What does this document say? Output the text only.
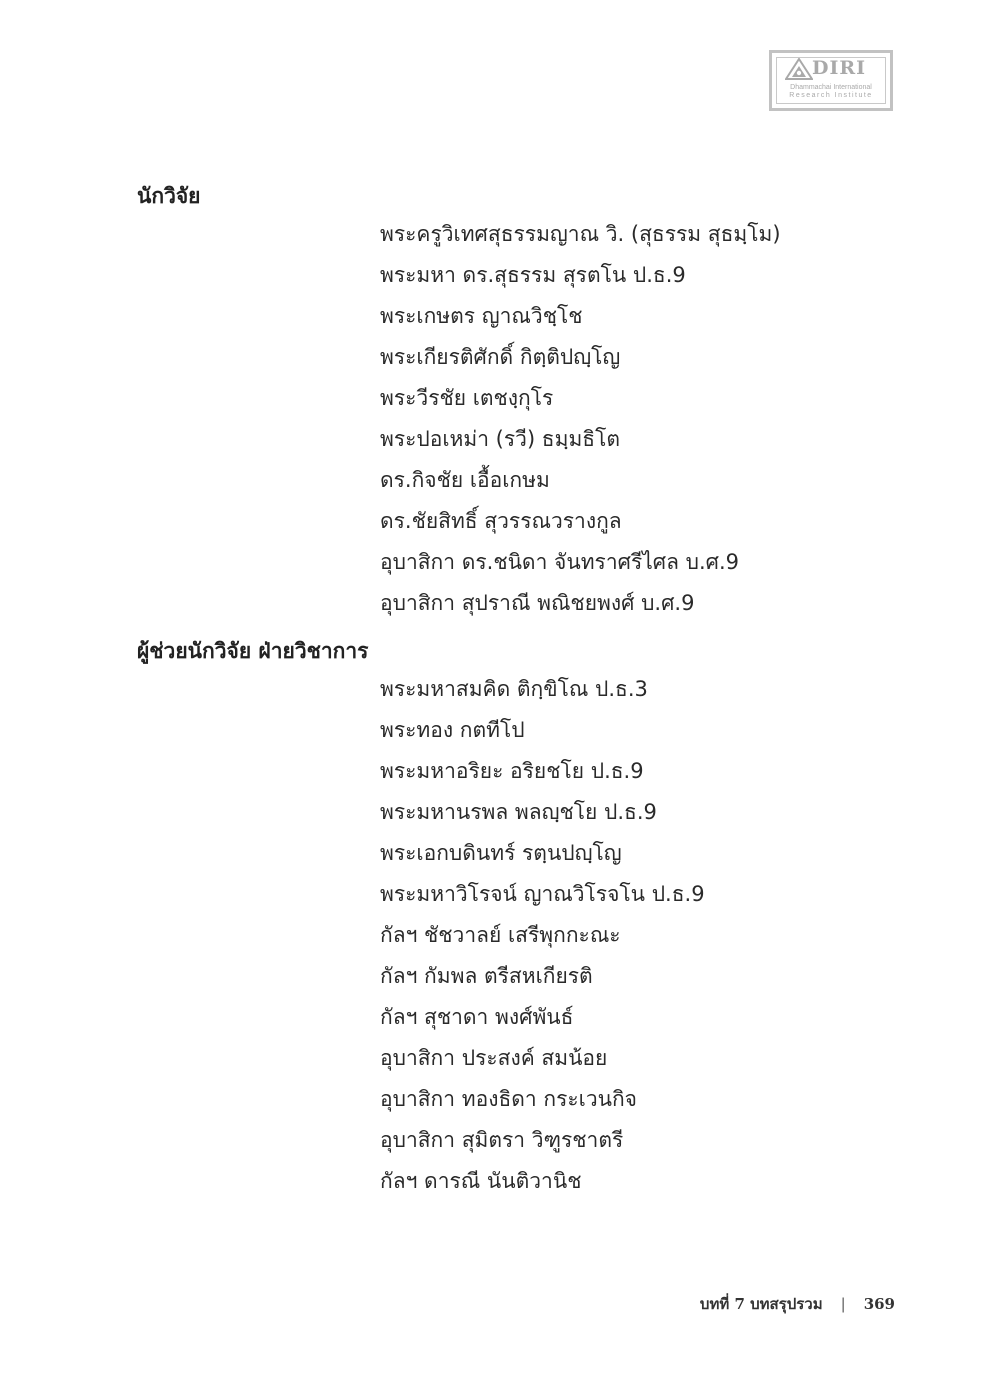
DIRI
Dhammachai International
Research Institute
นักวิจัย
พระครูวิเทศสุธรรมญาณ วิ. (สุธรรม สุธมฺโม)
พระมหา ดร.สุธรรม สุรตโน ป.ธ.9
พระเกษตร ญาณวิชฺโช
พระเกียรติศักดิ์ กิตฺติปญฺโญ
พระวีรชัย เตชงฺกุโร
พระปอเหม่า (รวี) ธมฺมธิโต
ดร.กิจชัย เอื้อเกษม
ดร.ชัยสิทธิ์ สุวรรณวรางกูล
อุบาสิกา ดร.ชนิดา จันทราศรีไศล บ.ศ.9
อุบาสิกา สุปราณี พณิชยพงศ์ บ.ศ.9
ผู้ช่วยนักวิจัย ฝ่ายวิชาการ
พระมหาสมคิด ติกฺขิโณ ป.ธ.3
พระทอง กตทีโป
พระมหาอริยะ อริยชโย ป.ธ.9
พระมหานรพล พลญฺชโย ป.ธ.9
พระเอกบดินทร์ รตฺนปญฺโญ
พระมหาวิโรจน์ ญาณวิโรจโน ป.ธ.9
กัลฯ ชัชวาลย์ เสรีพุกกะณะ
กัลฯ กัมพล ตรีสหเกียรติ
กัลฯ สุชาดา พงศ์พันธ์
อุบาสิกา ประสงค์ สมน้อย
อุบาสิกา ทองธิดา กระเวนกิจ
อุบาสิกา สุมิตรา วิฑูรชาตรี
กัลฯ ดารณี นันติวานิช
บทที่ 7 บทสรุปรวม | 369
